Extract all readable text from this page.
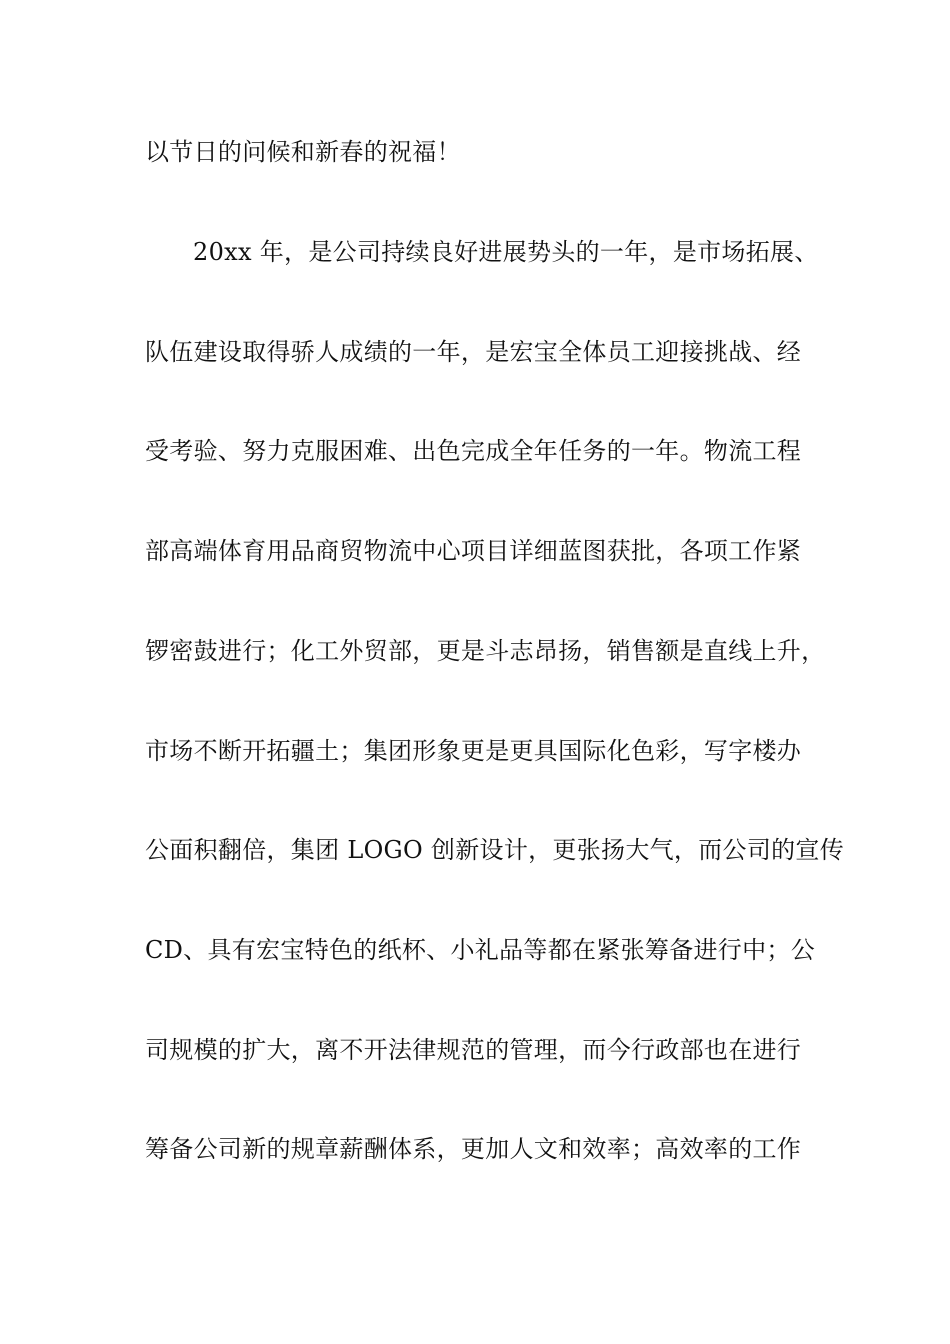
以节日的问候和新春的祝福！
20xx 年，是公司持续良好进展势头的一年，是市场拓展、
队伍建设取得骄人成绩的一年，是宏宝全体员工迎接挑战、经
受考验、努力克服困难、出色完成全年任务的一年。物流工程
部高端体育用品商贸物流中心项目详细蓝图获批，各项工作紧
锣密鼓进行；化工外贸部，更是斗志昂扬，销售额是直线上升，
市场不断开拓疆土；集团形象更是更具国际化色彩，写字楼办
公面积翻倍，集团 LOGO 创新设计，更张扬大气，而公司的宣传
CD、具有宏宝特色的纸杯、小礼品等都在紧张筹备进行中；公
司规模的扩大，离不开法律规范的管理，而今行政部也在进行
筹备公司新的规章薪酬体系，更加人文和效率；高效率的工作
